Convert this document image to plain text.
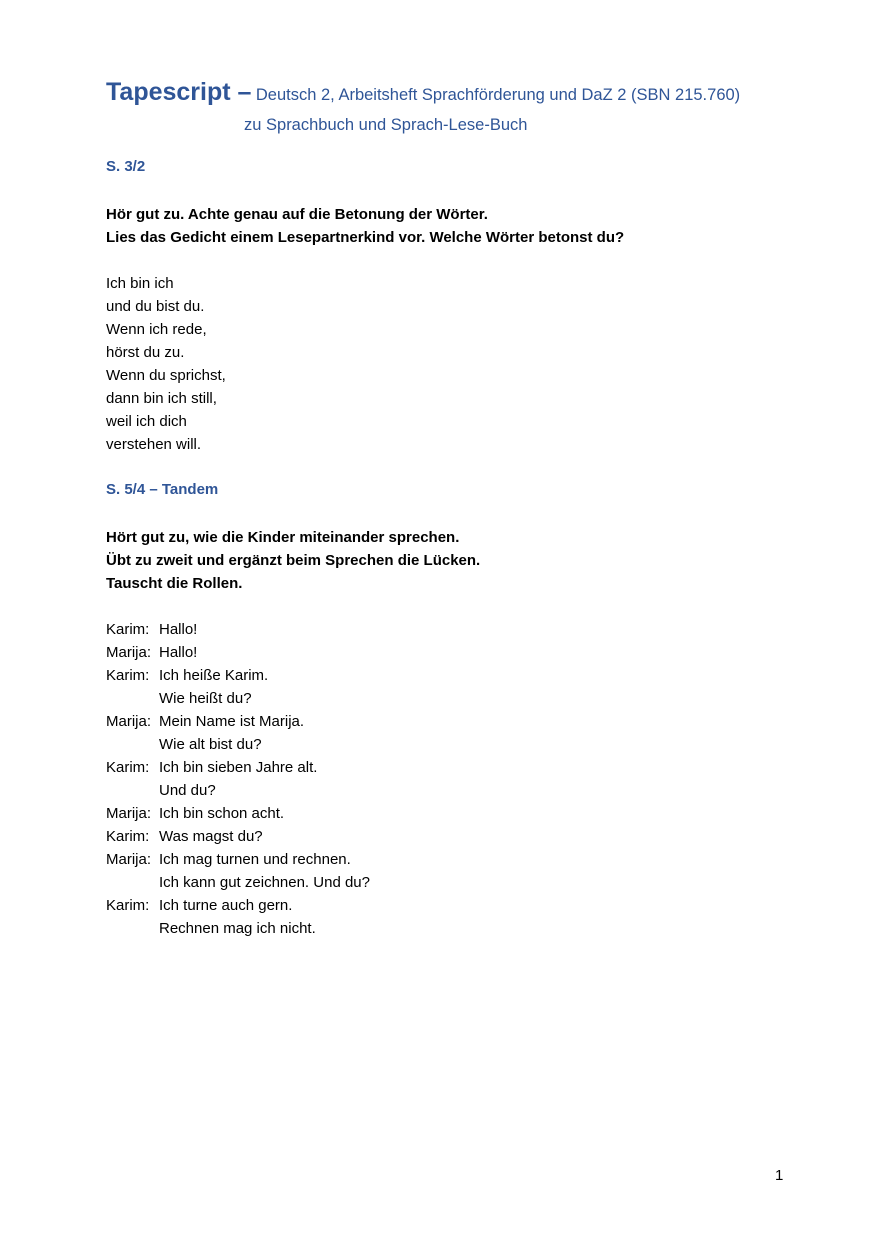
Tapescript – Deutsch 2, Arbeitsheft Sprachförderung und DaZ 2 (SBN 215.760)
zu Sprachbuch und Sprach-Lese-Buch
S. 3/2
Hör gut zu. Achte genau auf die Betonung der Wörter.
Lies das Gedicht einem Lesepartnerkind vor. Welche Wörter betonst du?
Ich bin ich
und du bist du.
Wenn ich rede,
hörst du zu.
Wenn du sprichst,
dann bin ich still,
weil ich dich
verstehen will.
S. 5/4 – Tandem
Hört gut zu, wie die Kinder miteinander sprechen.
Übt zu zweit und ergänzt beim Sprechen die Lücken.
Tauscht die Rollen.
Karim: Hallo!
Marija: Hallo!
Karim: Ich heiße Karim.
Wie heißt du?
Marija: Mein Name ist Marija.
Wie alt bist du?
Karim: Ich bin sieben Jahre alt.
Und du?
Marija: Ich bin schon acht.
Karim: Was magst du?
Marija: Ich mag turnen und rechnen.
Ich kann gut zeichnen. Und du?
Karim: Ich turne auch gern.
Rechnen mag ich nicht.
1
